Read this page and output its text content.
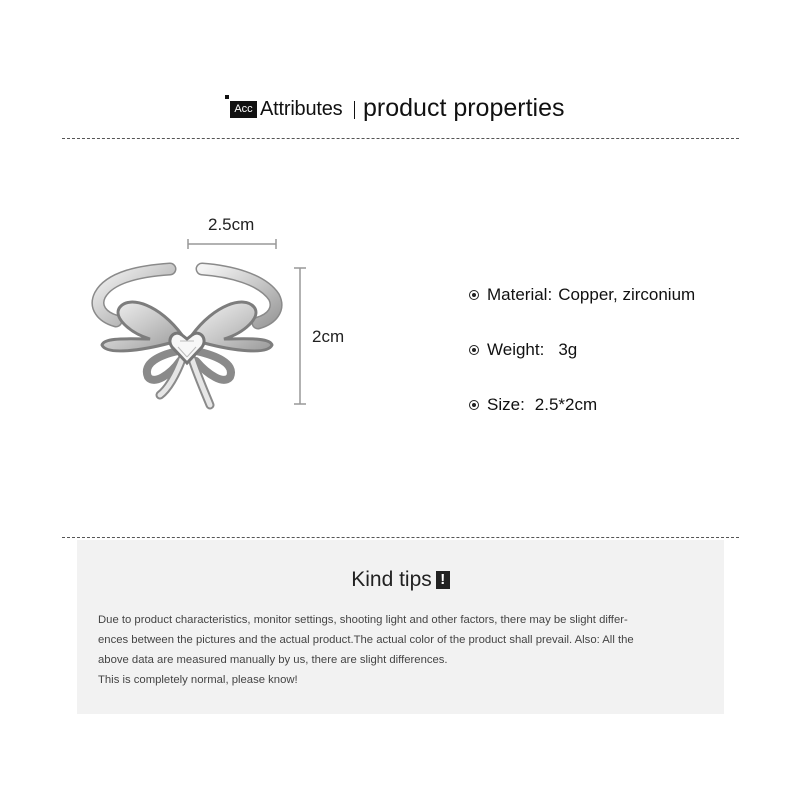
Acc Attributes product properties
2.5cm
2cm
Material: Copper, zirconium
Weight: 3g
Size: 2.5*2cm
Kind tips !

Due to product characteristics, monitor settings, shooting light and other factors, there may be slight differ-

ences between the pictures and the actual product.The actual color of the product shall prevail. Also: All the

above data are measured manually by us, there are slight differences.

This is completely normal, please know!
